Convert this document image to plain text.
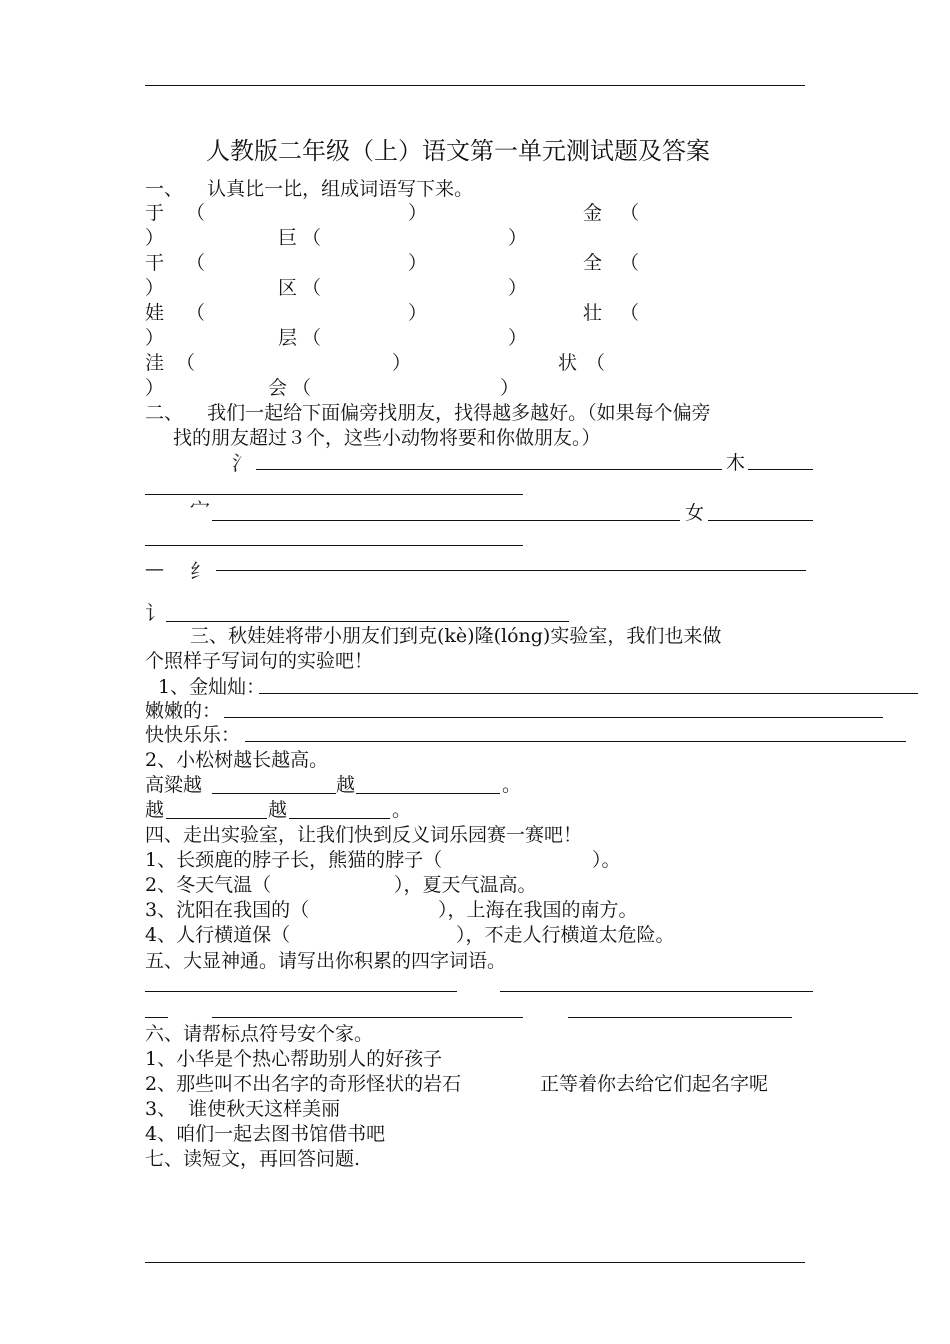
人教版二年级（上）语文第一单元测试题及答案
一、    认真比一比，组成词语写下来。
于 （	）	金 （
）	巨 （	）
干 （	）	全 （
）	区 （	）
娃 （	）	壮 （
）	层 （	）
洼 （	）	状 （
）	会 （	）
二、    我们一起给下面偏旁找朋友，找得越多越好。（如果每个偏旁
找的朋友超过３个，这些小动物将要和你做朋友。）
氵	木
宀	女
— 纟
讠
三、秋娃娃将带小朋友们到克(kè)隆(lóng)实验室，我们也来做
个照样子写词句的实验吧！
1、金灿灿：
嫩嫩的：
快快乐乐：
2、小松树越长越高。
高粱越	越	。
越	越	。
四、走出实验室，让我们快到反义词乐园赛一赛吧！
1、长颈鹿的脖子长，熊猫的脖子（	）。
2、冬天气温（	），夏天气温高。
3、沈阳在我国的（	），上海在我国的南方。
4、人行横道保（	），不走人行横道太危险。
五、大显神通。请写出你积累的四字词语。
六、请帮标点符号安个家。
1、小华是个热心帮助别人的好孩子
2、那些叫不出名字的奇形怪状的岩石	正等着你去给它们起名字呢
3、  谁使秋天这样美丽
4、咱们一起去图书馆借书吧
七、读短文，再回答问题.
